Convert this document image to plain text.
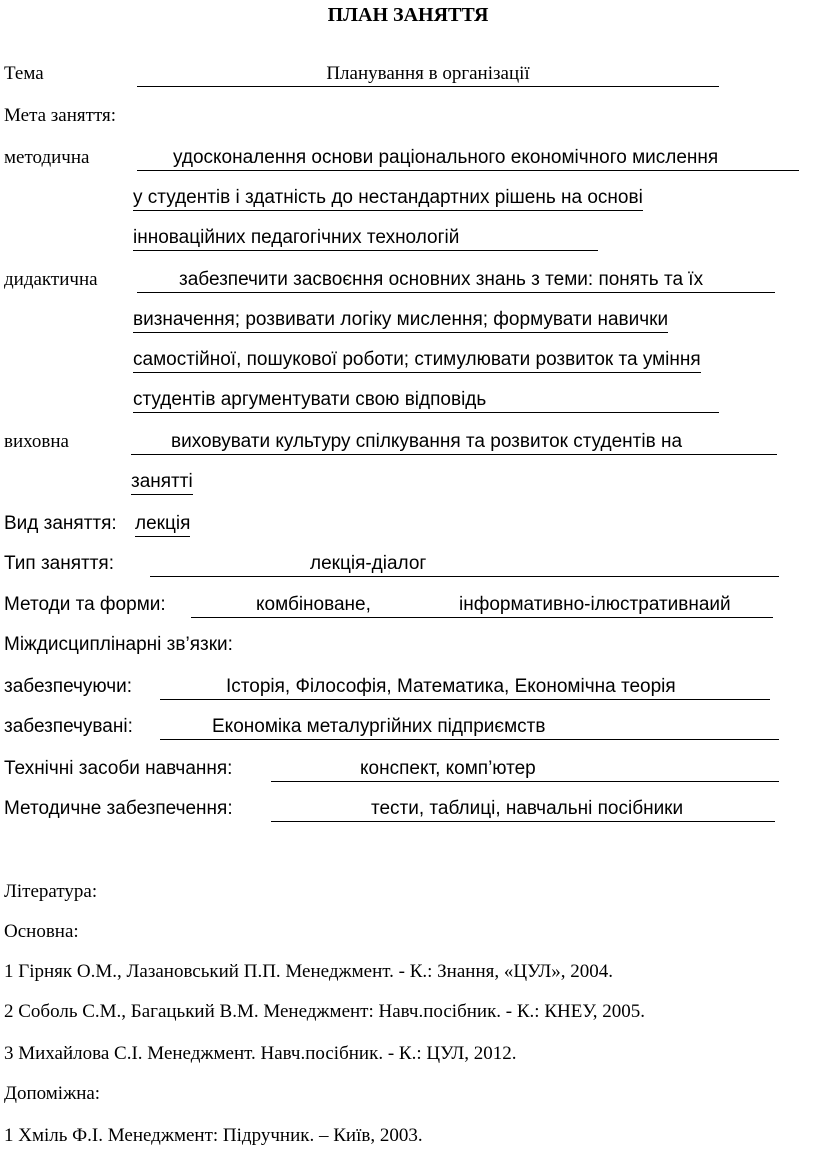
ПЛАН ЗАНЯТТЯ
Тема	Планування в організації
Мета заняття:
методична	удосконалення основи раціонального економічного мислення
у студентів і здатність до нестандартних рішень на основі
інноваційних педагогічних технологій
дидактична	забезпечити засвоєння основних знань з теми: понять та їх
визначення; розвивати логіку мислення; формувати навички
самостійної, пошукової роботи; стимулювати розвиток та уміння
студентів аргументувати свою відповідь
виховна	виховувати культуру спілкування та розвиток студентів на
занятті
Вид заняття: лекція
Тип заняття:	лекція-діалог
Методи та форми:	комбіноване,	інформативно-ілюстративнаий

Міждисциплінарні зв’язки:
забезпечуючи:	Історія, Філософія, Математика, Економічна теорія
забезпечувані:	Економіка металургійних підприємств
Технічні засоби навчання:	конспект, комп’ютер
Методичне забезпечення:	тести, таблиці, навчальні посібники
Література:
Основна:
1 Гірняк О.М., Лазановський П.П. Менеджмент. - К.: Знання, «ЦУЛ», 2004.
2 Соболь С.М., Багацький В.М. Менеджмент: Навч.посібник. - К.: КНЕУ, 2005.
3 Михайлова С.І. Менеджмент. Навч.посібник. - К.: ЦУЛ, 2012.
Допоміжна:
1 Хміль Ф.І. Менеджмент: Підручник. – Київ, 2003.
